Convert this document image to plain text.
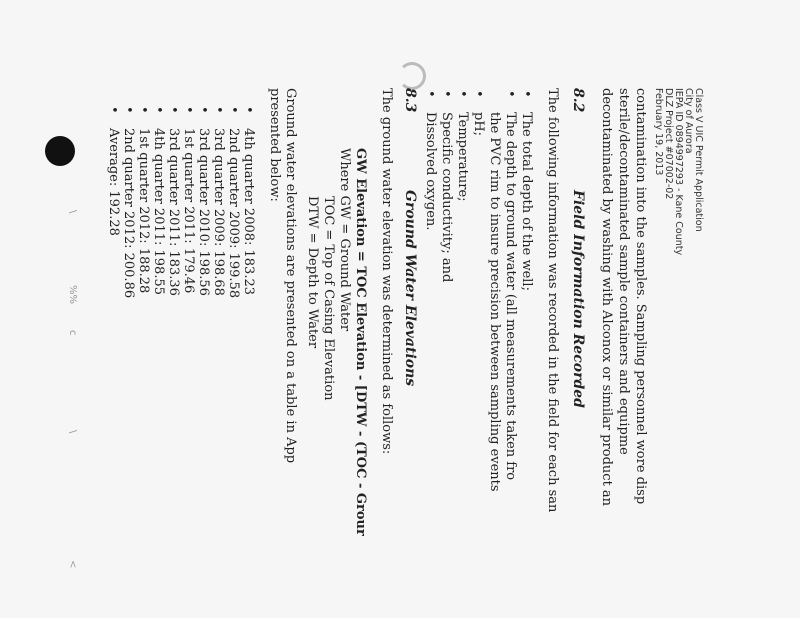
Class V UIC Permit Application
City of Aurora
IEPA ID 0894997293 - Kane County
DLZ Project #07002-02
February 19, 2013
contamination into the samples. Sampling personnel wore disp
sterile/decontaminated sample containers and equipme
decontaminated by washing with Alconox or similar product an
8.2
Field Information Recorded
The following information was recorded in the field for each san
• The total depth of the well;
• The depth to ground water (all measurements taken fro
the PVC rim to insure precision between sampling events
• pH;
• Temperature;
• Specific conductivity; and
• Dissolved oxygen.
8.3
Ground Water Elevations
The ground water elevation was determined as follows:
GW Elevation = TOC Elevation - [DTW - (TOC - Grour
Where GW = Ground Water
TOC = Top of Casing Elevation
DTW = Depth to Water
Ground water elevations are presented on a table in App
presented below:
• 4th quarter 2008: 183.23
• 2nd quarter 2009: 199.58
• 3rd quarter 2009: 198.68
• 3rd quarter 2010: 198.56
• 1st quarter 2011: 179.46
• 3rd quarter 2011: 183.36
• 4th quarter 2011: 198.55
• 1st quarter 2012: 188.28
• 2nd quarter 2012: 200.86
• Average: 192.28
\
%%
c
\
<
